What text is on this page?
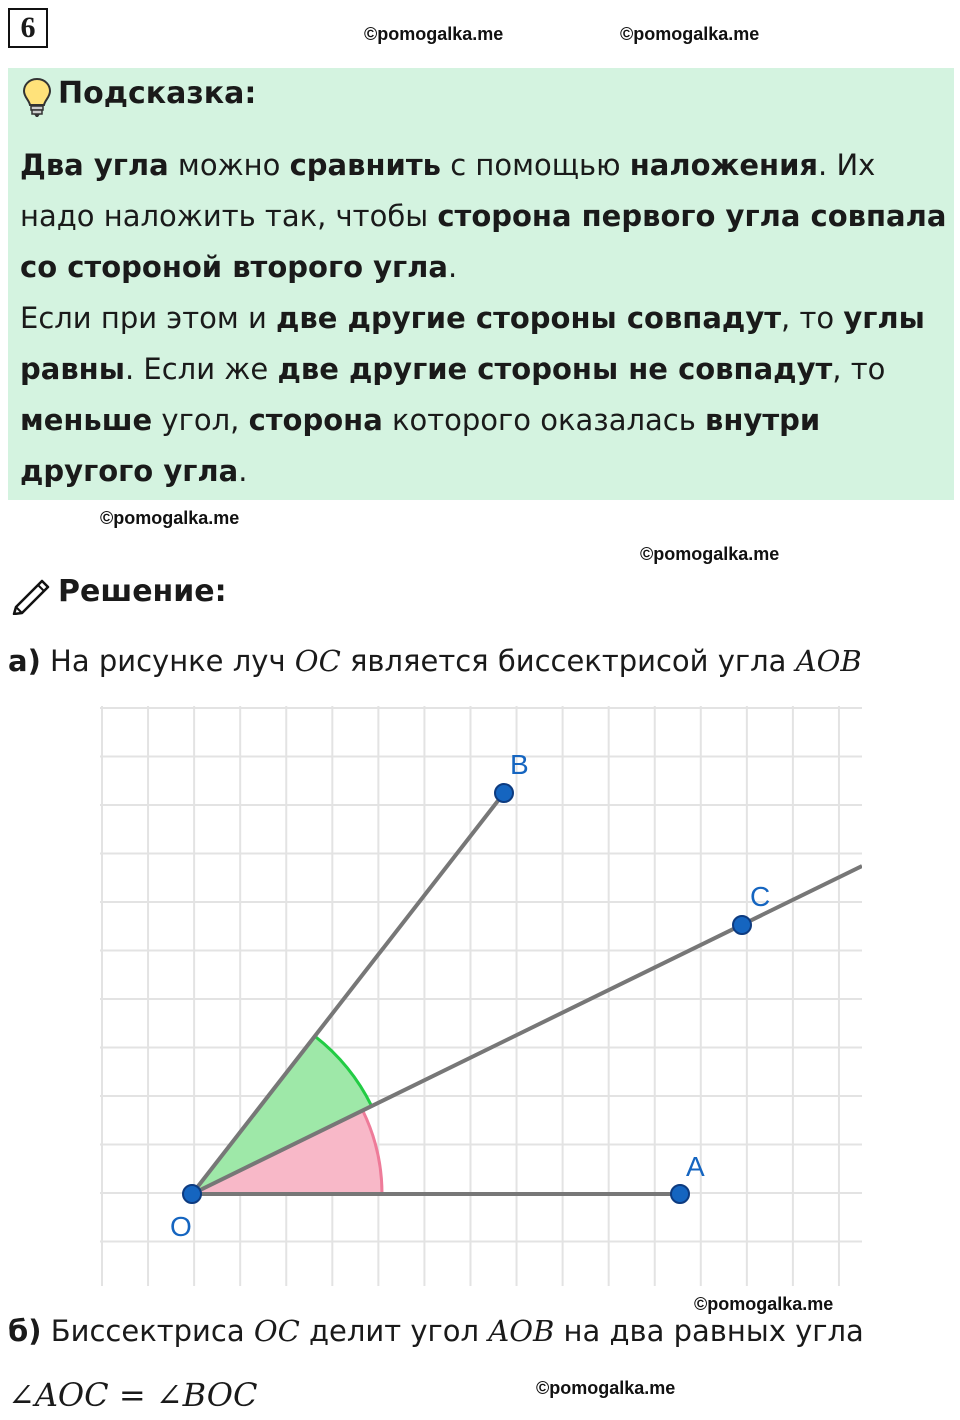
6	©pomogalka.me	©pomogalka.me
Подсказка:
Два угла можно сравнить с помощью наложения. Их надо наложить так, чтобы сторона первого угла совпала со стороной второго угла.
Если при этом и две другие стороны совпадут, то углы равны. Если же две другие стороны не совпадут, то меньше угол, сторона которого оказалась внутри другого угла.
©pomogalka.me
©pomogalka.me
Решение:
а) На рисунке луч OC является биссектрисой угла AOB
O
A
B
C
©pomogalka.me
б) Биссектриса OC делит угол AOB на два равных угла
∠AOC = ∠BOC	©pomogalka.me
